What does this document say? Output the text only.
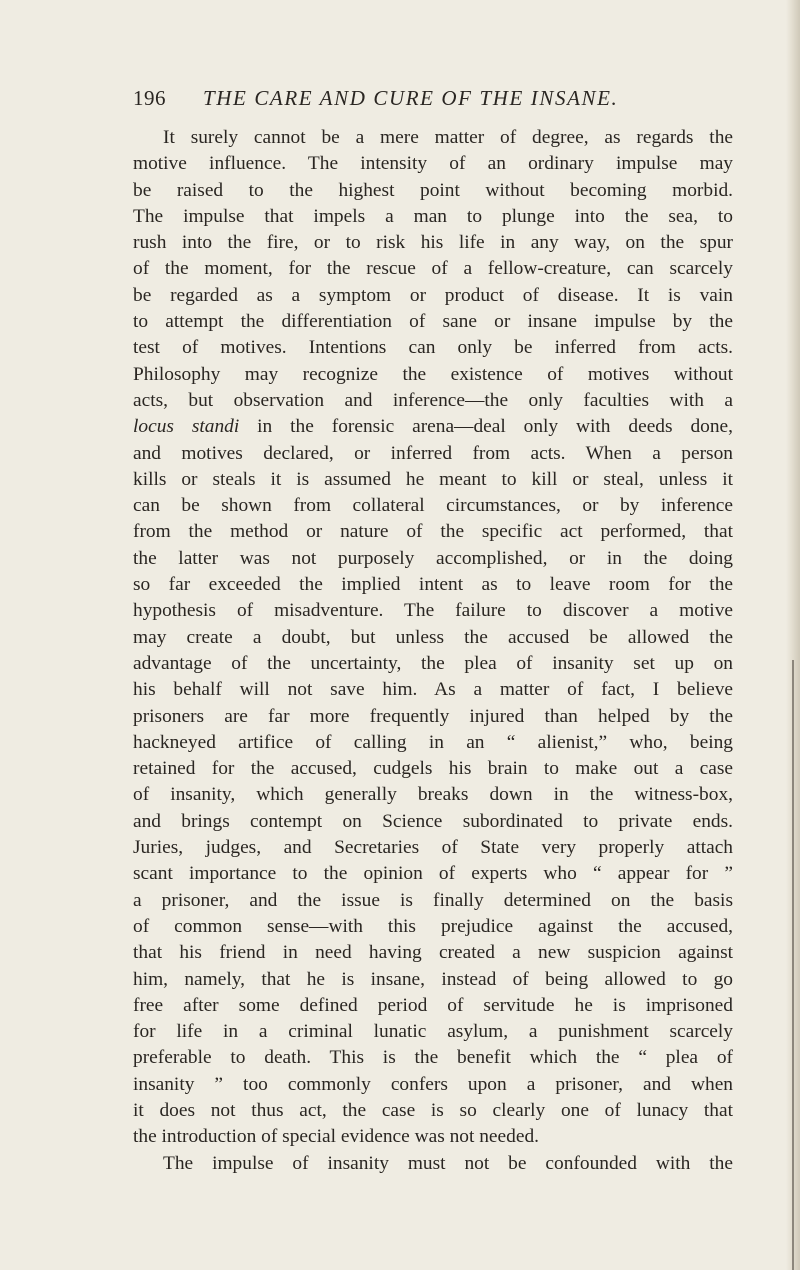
196 THE CARE AND CURE OF THE INSANE.
It surely cannot be a mere matter of degree, as regards the
motive influence. The intensity of an ordinary impulse may
be raised to the highest point without becoming morbid.
The impulse that impels a man to plunge into the sea, to
rush into the fire, or to risk his life in any way, on the spur
of the moment, for the rescue of a fellow-creature, can scarcely
be regarded as a symptom or product of disease. It is vain
to attempt the differentiation of sane or insane impulse by the
test of motives. Intentions can only be inferred from acts.
Philosophy may recognize the existence of motives without
acts, but observation and inference—the only faculties with a
locus standi in the forensic arena—deal only with deeds done,
and motives declared, or inferred from acts. When a person
kills or steals it is assumed he meant to kill or steal, unless it
can be shown from collateral circumstances, or by inference
from the method or nature of the specific act performed, that
the latter was not purposely accomplished, or in the doing
so far exceeded the implied intent as to leave room for the
hypothesis of misadventure. The failure to discover a motive
may create a doubt, but unless the accused be allowed the
advantage of the uncertainty, the plea of insanity set up on
his behalf will not save him. As a matter of fact, I believe
prisoners are far more frequently injured than helped by the
hackneyed artifice of calling in an “ alienist,” who, being
retained for the accused, cudgels his brain to make out a case
of insanity, which generally breaks down in the witness-box,
and brings contempt on Science subordinated to private ends.
Juries, judges, and Secretaries of State very properly attach
scant importance to the opinion of experts who “ appear for ”
a prisoner, and the issue is finally determined on the basis
of common sense—with this prejudice against the accused,
that his friend in need having created a new suspicion against
him, namely, that he is insane, instead of being allowed to go
free after some defined period of servitude he is imprisoned
for life in a criminal lunatic asylum, a punishment scarcely
preferable to death. This is the benefit which the “ plea of
insanity ” too commonly confers upon a prisoner, and when
it does not thus act, the case is so clearly one of lunacy that
the introduction of special evidence was not needed.
The impulse of insanity must not be confounded with the
